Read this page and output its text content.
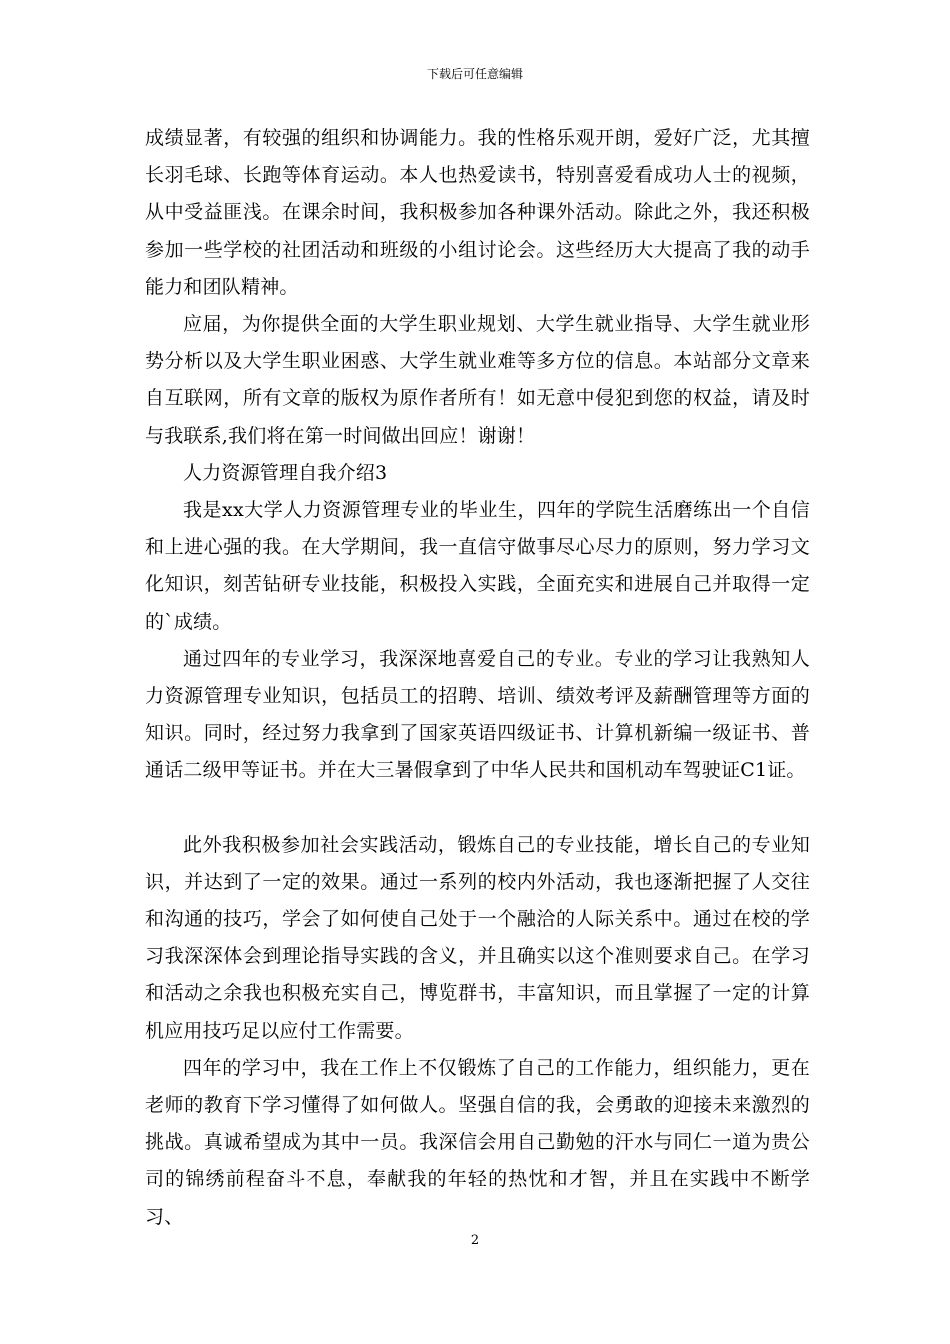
下载后可任意编辑

成绩显著，有较强的组织和协调能力。我的性格乐观开朗，爱好广泛，尤其擅长羽毛球、长跑等体育运动。本人也热爱读书，特别喜爱看成功人士的视频，从中受益匪浅。在课余时间，我积极参加各种课外活动。除此之外，我还积极参加一些学校的社团活动和班级的小组讨论会。这些经历大大提高了我的动手能力和团队精神。

应届，为你提供全面的大学生职业规划、大学生就业指导、大学生就业形势分析以及大学生职业困惑、大学生就业难等多方位的信息。本站部分文章来自互联网，所有文章的版权为原作者所有！如无意中侵犯到您的权益，请及时与我联系,我们将在第一时间做出回应！谢谢！

人力资源管理自我介绍3

我是xx大学人力资源管理专业的毕业生，四年的学院生活磨练出一个自信和上进心强的我。在大学期间，我一直信守做事尽心尽力的原则，努力学习文化知识，刻苦钻研专业技能，积极投入实践，全面充实和进展自己并取得一定的`成绩。

通过四年的专业学习，我深深地喜爱自己的专业。专业的学习让我熟知人力资源管理专业知识，包括员工的招聘、培训、绩效考评及薪酬管理等方面的知识。同时，经过努力我拿到了国家英语四级证书、计算机新编一级证书、普通话二级甲等证书。并在大三暑假拿到了中华人民共和国机动车驾驶证C1证。

此外我积极参加社会实践活动，锻炼自己的专业技能，增长自己的专业知识，并达到了一定的效果。通过一系列的校内外活动，我也逐渐把握了人交往和沟通的技巧，学会了如何使自己处于一个融洽的人际关系中。通过在校的学习我深深体会到理论指导实践的含义，并且确实以这个准则要求自己。在学习和活动之余我也积极充实自己，博览群书，丰富知识，而且掌握了一定的计算机应用技巧足以应付工作需要。

四年的学习中，我在工作上不仅锻炼了自己的工作能力，组织能力，更在老师的教育下学习懂得了如何做人。坚强自信的我，会勇敢的迎接未来激烈的挑战。真诚希望成为其中一员。我深信会用自己勤勉的汗水与同仁一道为贵公司的锦绣前程奋斗不息，奉献我的年轻的热忱和才智，并且在实践中不断学习、

2
